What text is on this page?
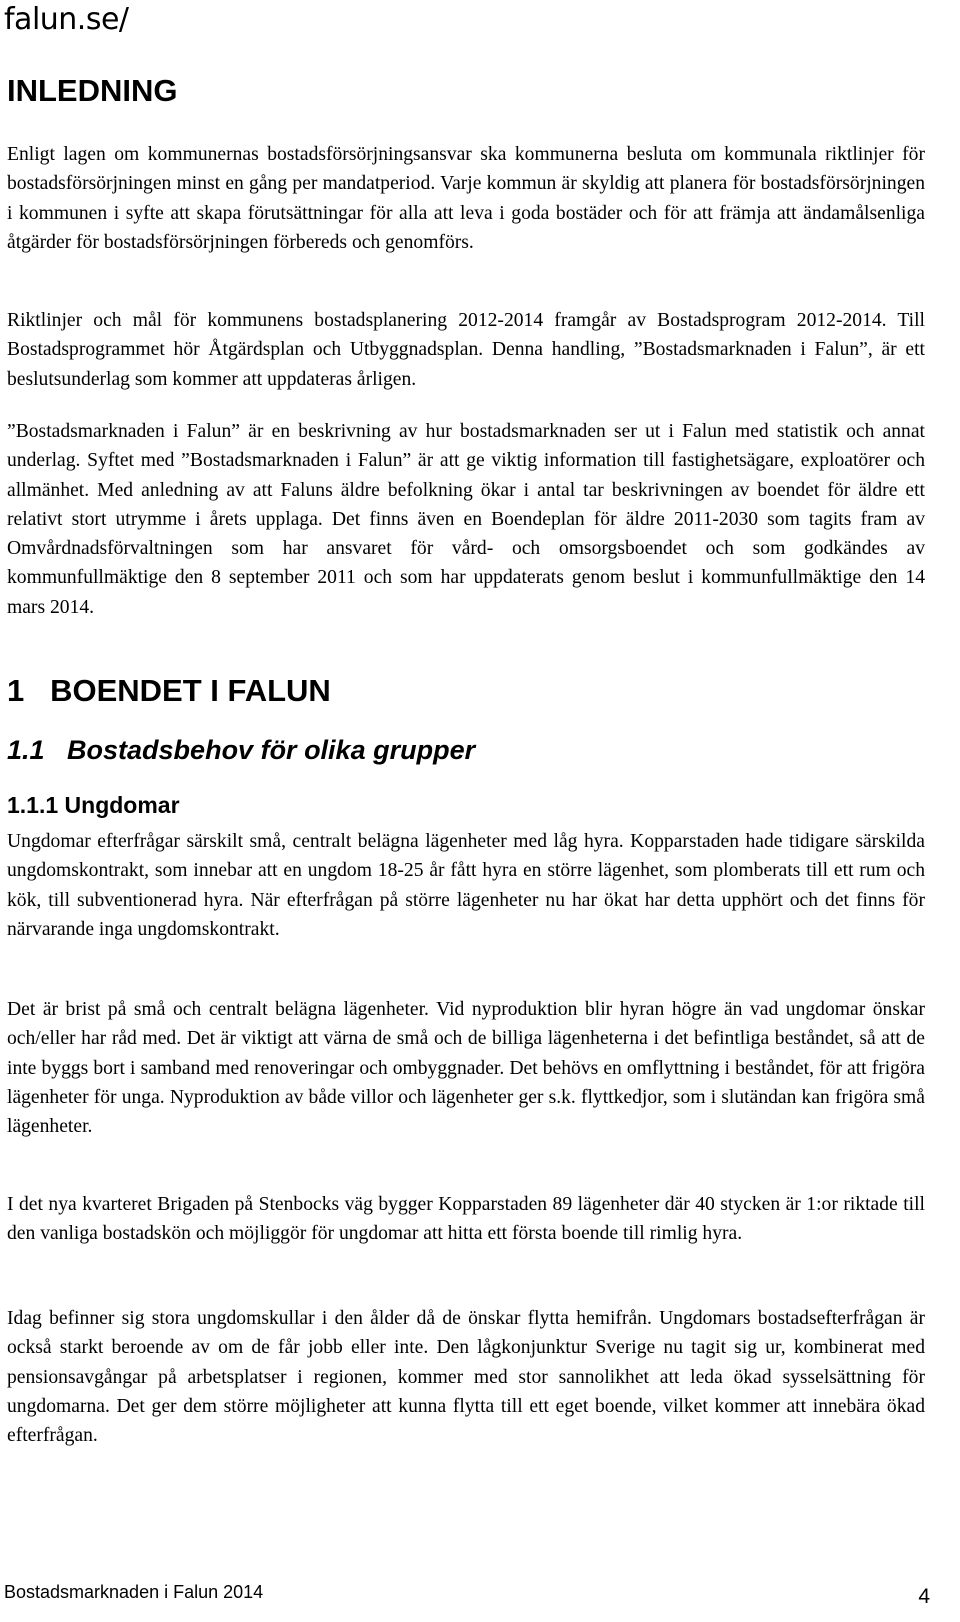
falun.se/
INLEDNING

Enligt lagen om kommunernas bostadsförsörjningsansvar ska kommunerna besluta om kommunala riktlinjer för bostadsförsörjningen minst en gång per mandatperiod. Varje kommun är skyldig att planera för bostadsförsörjningen i kommunen i syfte att skapa förutsättningar för alla att leva i goda bostäder och för att främja att ändamålsenliga åtgärder för bostadsförsörjningen förbereds och genomförs.

Riktlinjer och mål för kommunens bostadsplanering 2012-2014 framgår av Bostadsprogram 2012-2014. Till Bostadsprogrammet hör Åtgärdsplan och Utbyggnadsplan. Denna handling, ”Bostadsmarknaden i Falun”, är ett beslutsunderlag som kommer att uppdateras årligen.

”Bostadsmarknaden i Falun” är en beskrivning av hur bostadsmarknaden ser ut i Falun med statistik och annat underlag. Syftet med ”Bostadsmarknaden i Falun” är att ge viktig information till fastighetsägare, exploatörer och allmänhet. Med anledning av att Faluns äldre befolkning ökar i antal tar beskrivningen av boendet för äldre ett relativt stort utrymme i årets upplaga. Det finns även en Boendeplan för äldre 2011-2030 som tagits fram av Omvårdnadsförvaltningen som har ansvaret för vård- och omsorgsboendet och som godkändes av kommunfullmäktige den 8 september 2011 och som har uppdaterats genom beslut i kommunfullmäktige den 14 mars 2014.

1   BOENDET I FALUN
1.1   Bostadsbehov för olika grupper
1.1.1 Ungdomar

Ungdomar efterfrågar särskilt små, centralt belägna lägenheter med låg hyra. Kopparstaden hade tidigare särskilda ungdomskontrakt, som innebar att en ungdom 18-25 år fått hyra en större lägenhet, som plomberats till ett rum och kök, till subventionerad hyra. När efterfrågan på större lägenheter nu har ökat har detta upphört och det finns för närvarande inga ungdomskontrakt.

Det är brist på små och centralt belägna lägenheter. Vid nyproduktion blir hyran högre än vad ungdomar önskar och/eller har råd med. Det är viktigt att värna de små och de billiga lägenheterna i det befintliga beståndet, så att de inte byggs bort i samband med renoveringar och ombyggnader. Det behövs en omflyttning i beståndet, för att frigöra lägenheter för unga. Nyproduktion av både villor och lägenheter ger s.k. flyttkedjor, som i slutändan kan frigöra små lägenheter.

I det nya kvarteret Brigaden på Stenbocks väg bygger Kopparstaden 89 lägenheter där 40 stycken är 1:or riktade till den vanliga bostadskön och möjliggör för ungdomar att hitta ett första boende till rimlig hyra.

Idag befinner sig stora ungdomskullar i den ålder då de önskar flytta hemifrån. Ungdomars bostadsefterfrågan är också starkt beroende av om de får jobb eller inte. Den lågkonjunktur Sverige nu tagit sig ur, kombinerat med pensionsavgångar på arbetsplatser i regionen, kommer med stor sannolikhet att leda ökad sysselsättning för ungdomarna. Det ger dem större möjligheter att kunna flytta till ett eget boende, vilket kommer att innebära ökad efterfrågan.

Bostadsmarknaden i Falun 2014	4
